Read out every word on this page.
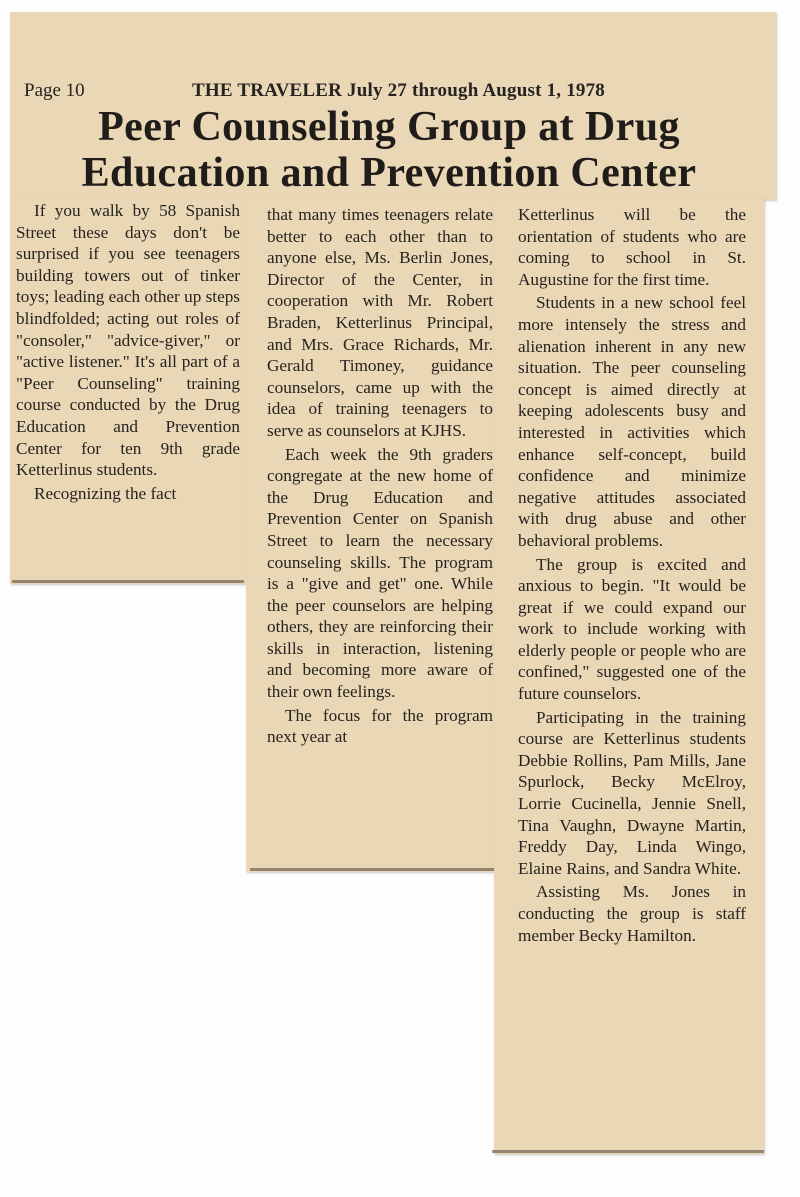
Page 10	THE TRAVELER July 27 through August 1, 1978
Peer Counseling Group at Drug
Education and Prevention Center

If you walk by 58 Spanish Street these days don't be surprised if you see teenagers building towers out of tinker toys; leading each other up steps blindfolded; acting out roles of "consoler," "advice-giver," or "active listener." It's all part of a "Peer Counseling" training course conducted by the Drug Education and Prevention Center for ten 9th grade Ketterlinus students.

Recognizing the fact

that many times teenagers relate better to each other than to anyone else, Ms. Berlin Jones, Director of the Center, in cooperation with Mr. Robert Braden, Ketterlinus Principal, and Mrs. Grace Richards, Mr. Gerald Timoney, guidance counselors, came up with the idea of training teenagers to serve as counselors at KJHS.

Each week the 9th graders congregate at the new home of the Drug Education and Prevention Center on Spanish Street to learn the necessary counseling skills. The program is a "give and get" one. While the peer counselors are helping others, they are reinforcing their skills in interaction, listening and becoming more aware of their own feelings.

The focus for the program next year at

Ketterlinus will be the orientation of students who are coming to school in St. Augustine for the first time.

Students in a new school feel more intensely the stress and alienation inherent in any new situation. The peer counseling concept is aimed directly at keeping adolescents busy and interested in activities which enhance self-concept, build confidence and minimize negative attitudes associated with drug abuse and other behavioral problems.

The group is excited and anxious to begin. "It would be great if we could expand our work to include working with elderly people or people who are confined," suggested one of the future counselors.

Participating in the training course are Ketterlinus students Debbie Rollins, Pam Mills, Jane Spurlock, Becky McElroy, Lorrie Cucinella, Jennie Snell, Tina Vaughn, Dwayne Martin, Freddy Day, Linda Wingo, Elaine Rains, and Sandra White.

Assisting Ms. Jones in conducting the group is staff member Becky Hamilton.
